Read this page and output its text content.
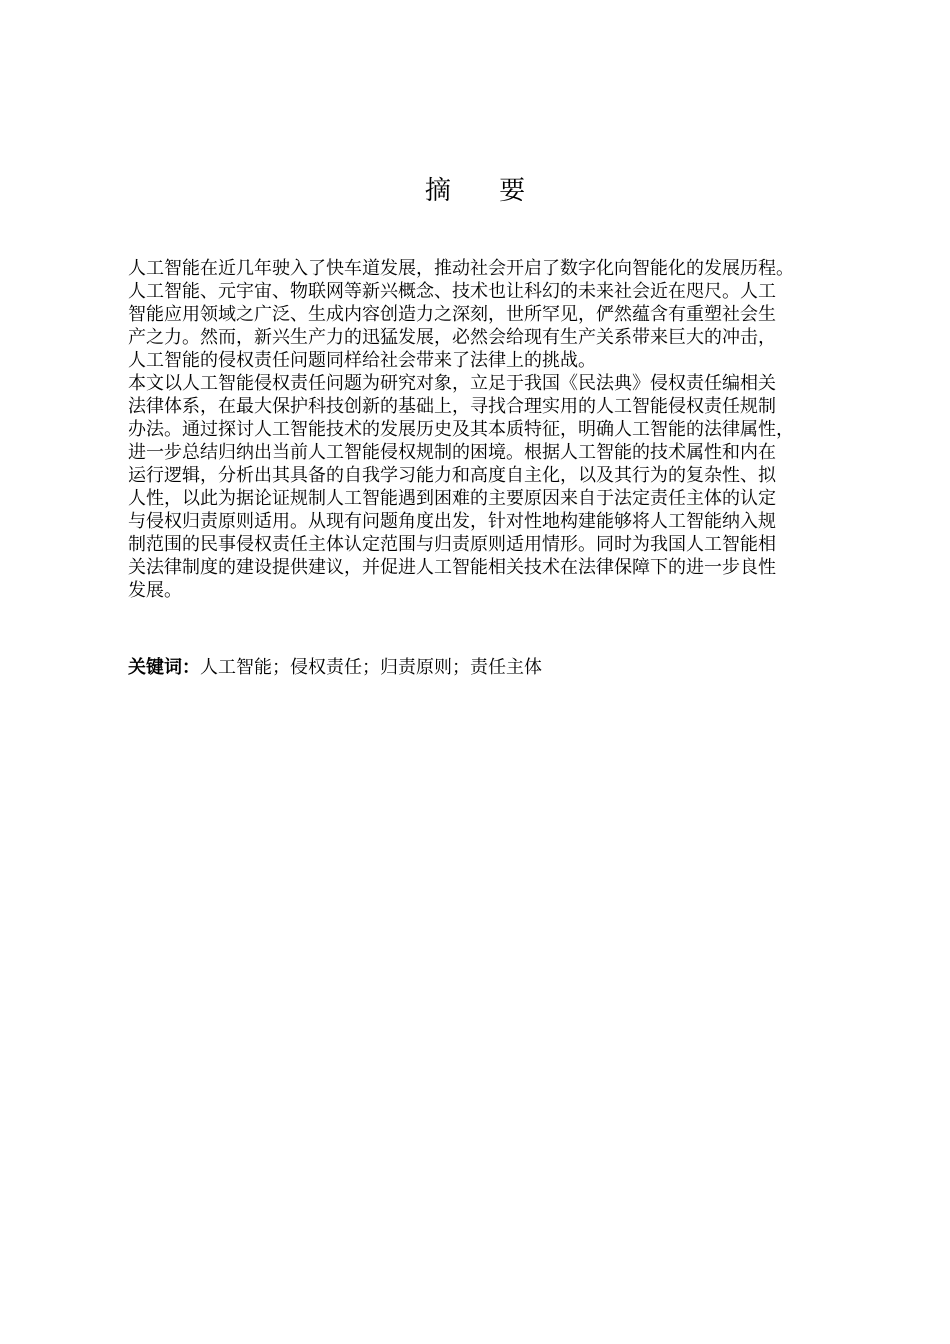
摘 要
人工智能在近几年驶入了快车道发展，推动社会开启了数字化向智能化的发展历程。
人工智能、元宇宙、物联网等新兴概念、技术也让科幻的未来社会近在咫尺。人工
智能应用领域之广泛、生成内容创造力之深刻，世所罕见，俨然蕴含有重塑社会生
产之力。然而，新兴生产力的迅猛发展，必然会给现有生产关系带来巨大的冲击，
人工智能的侵权责任问题同样给社会带来了法律上的挑战。
本文以人工智能侵权责任问题为研究对象，立足于我国《民法典》侵权责任编相关
法律体系，在最大保护科技创新的基础上，寻找合理实用的人工智能侵权责任规制
办法。通过探讨人工智能技术的发展历史及其本质特征，明确人工智能的法律属性，
进一步总结归纳出当前人工智能侵权规制的困境。根据人工智能的技术属性和内在
运行逻辑，分析出其具备的自我学习能力和高度自主化，以及其行为的复杂性、拟
人性，以此为据论证规制人工智能遇到困难的主要原因来自于法定责任主体的认定
与侵权归责原则适用。从现有问题角度出发，针对性地构建能够将人工智能纳入规
制范围的民事侵权责任主体认定范围与归责原则适用情形。同时为我国人工智能相
关法律制度的建设提供建议，并促进人工智能相关技术在法律保障下的进一步良性
发展。
关键词：人工智能；侵权责任；归责原则；责任主体
